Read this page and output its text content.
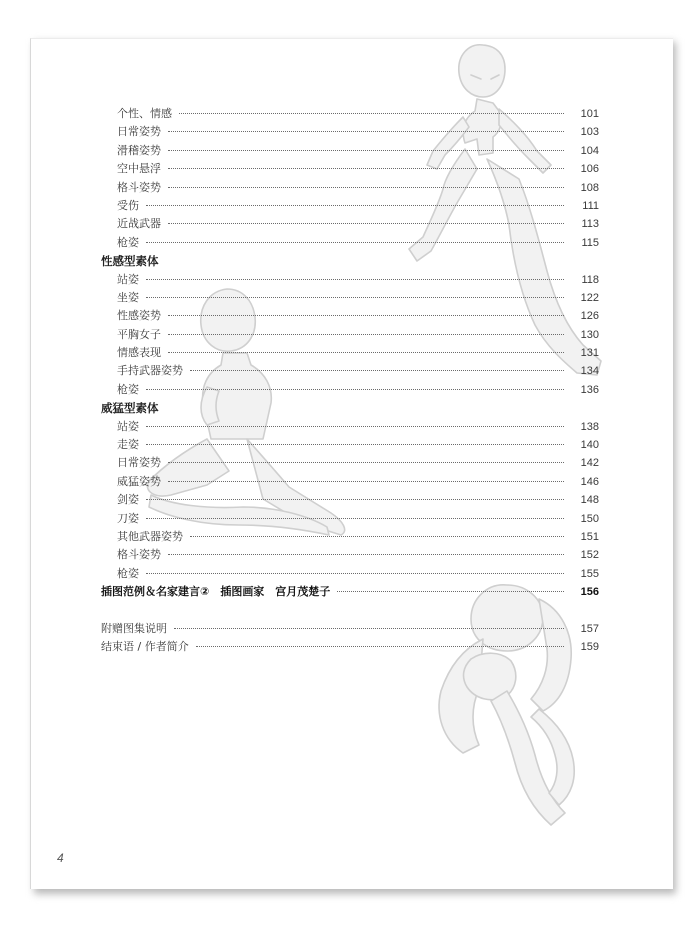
个性、情感	101
日常姿势	103
滑稽姿势	104
空中悬浮	106
格斗姿势	108
受伤	111
近战武器	113
枪姿	115
性感型素体
站姿	118
坐姿	122
性感姿势	126
平胸女子	130
情感表现	131
手持武器姿势	134
枪姿	136
威猛型素体
站姿	138
走姿	140
日常姿势	142
威猛姿势	146
剑姿	148
刀姿	150
其他武器姿势	151
格斗姿势	152
枪姿	155
插图范例＆名家建言②　插图画家　宫月茂楚子	156
附赠图集说明	157
结束语 / 作者简介	159
4
